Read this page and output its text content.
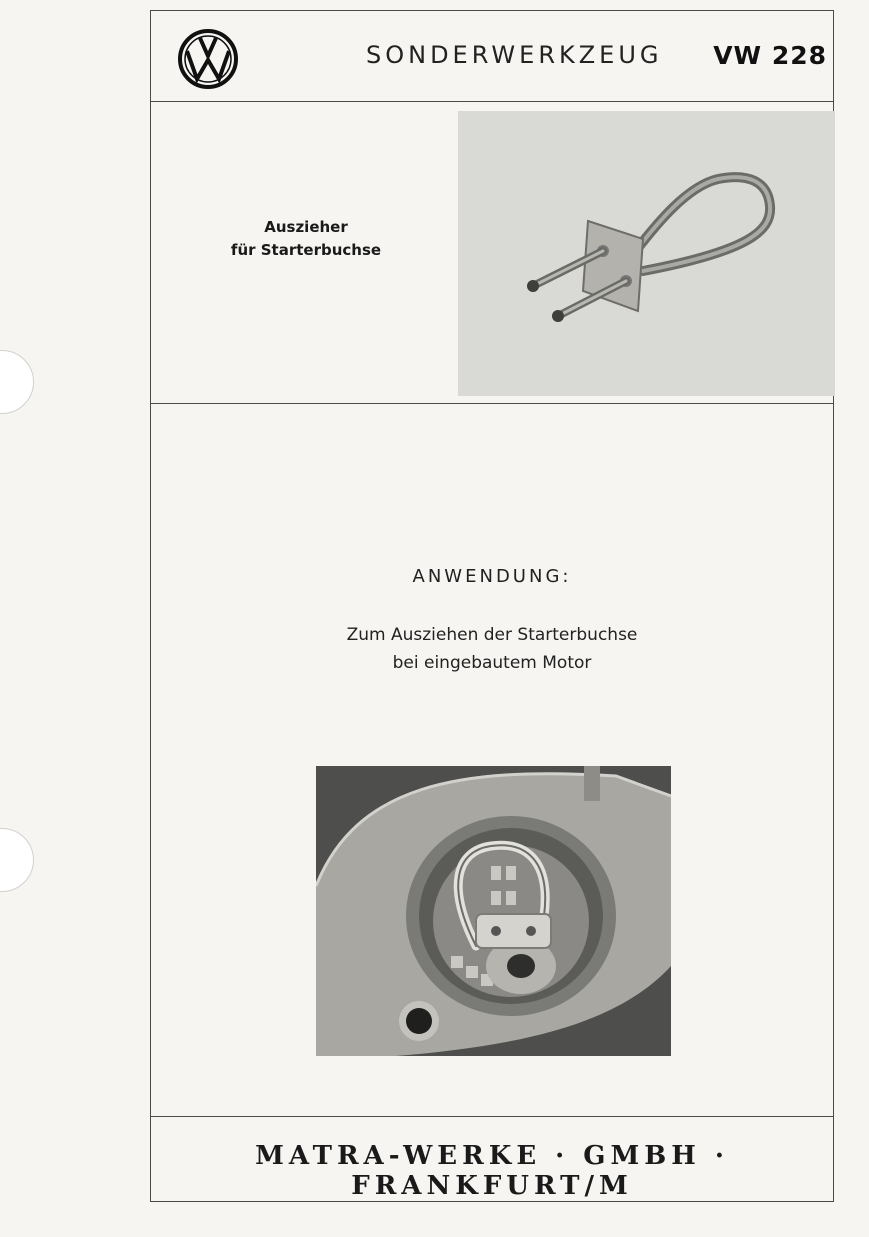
SONDERWERKZEUG VW 228
Auszieher
für Starterbuchse
ANWENDUNG:
Zum Ausziehen der Starterbuchse
bei eingebautem Motor
MATRA-WERKE · GMBH · FRANKFURT/M
